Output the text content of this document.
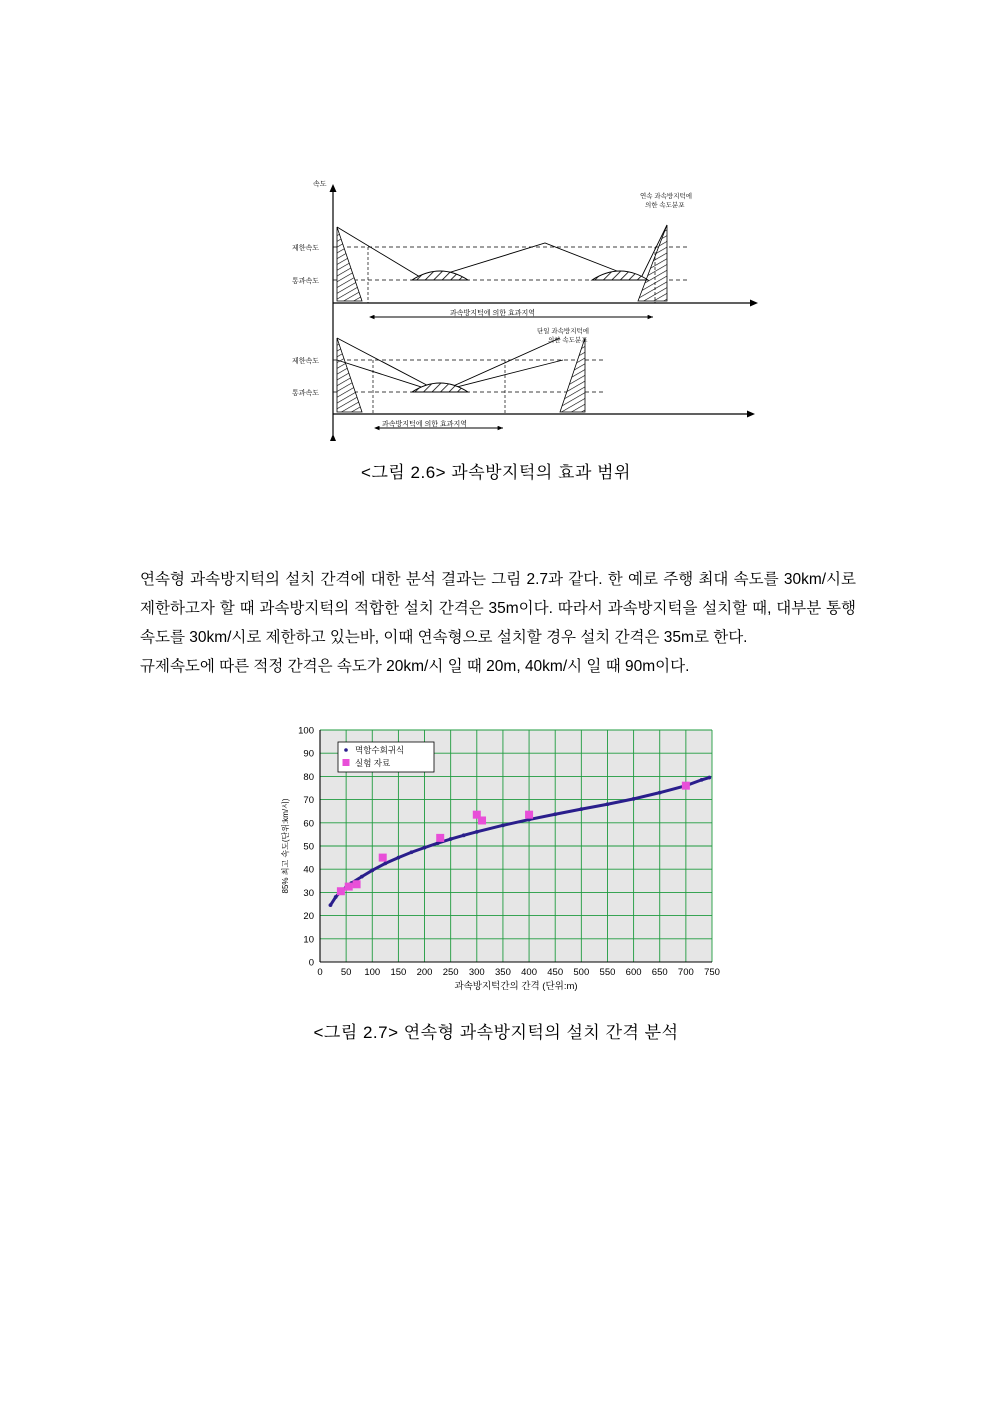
속도
제한속도
통과속도
과속방지턱에 의한 효과지역
연속 과속방지턱에
의한 속도분포
제한속도
통과속도
과속방지턱에 의한 효과지역
단일 과속방지턱에
의한 속도분포
<그림 2.6> 과속방지턱의 효과 범위

연속형 과속방지턱의 설치 간격에 대한 분석 결과는 그림 2.7과 같다. 한 예로 주행 최대 속도를 30km/시로 제한하고자 할 때 과속방지턱의 적합한 설치 간격은 35m이다. 따라서 과속방지턱을 설치할 때, 대부분 통행속도를 30km/시로 제한하고 있는바, 이때 연속형으로 설치할 경우 설치 간격은 35m로 한다.

규제속도에 따른 적정 간격은 속도가 20km/시 일 때 20m, 40km/시 일 때 90m이다.

0
10
20
30
40
50
60
70
80
90
100
0 50 100 150 200 250 300 350 400 450 500 550 600 650 700 750
과속방지턱간의 간격 (단위:m)
85% 최고 속도(단위:km/시)
멱함수회귀식
실험 자료
<그림 2.7> 연속형 과속방지턱의 설치 간격 분석
